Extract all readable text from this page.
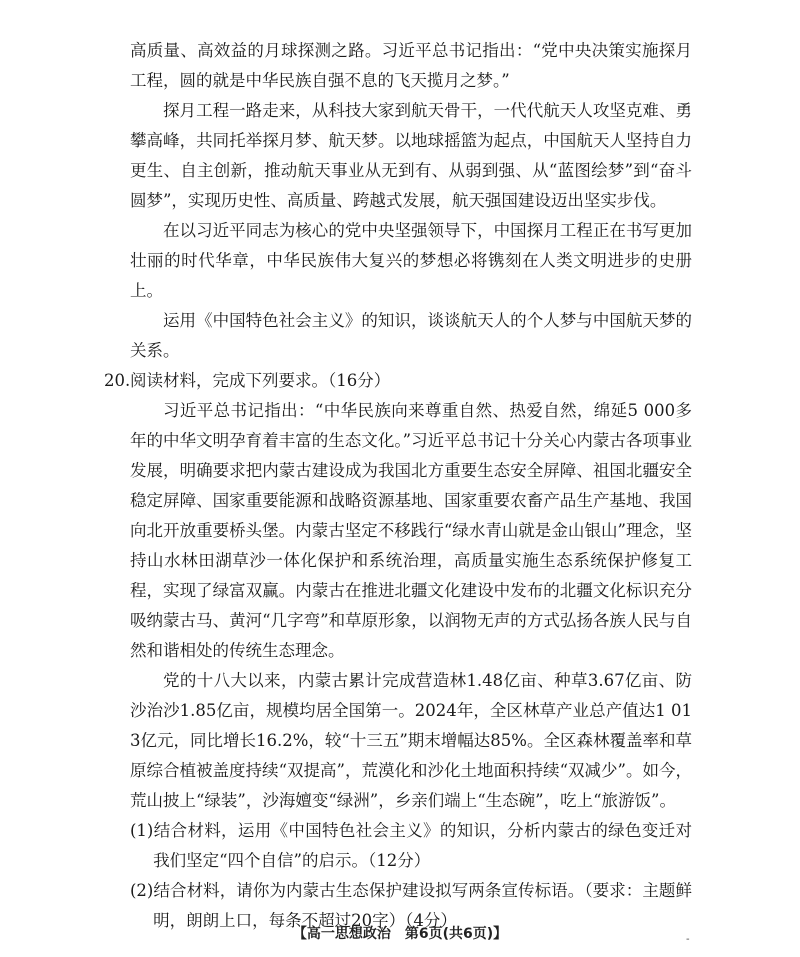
高质量、高效益的月球探测之路。习近平总书记指出：“党中央决策实施探月工程，圆的就是中华民族自强不息的飞天揽月之梦。”

探月工程一路走来，从科技大家到航天骨干，一代代航天人攻坚克难、勇攀高峰，共同托举探月梦、航天梦。以地球摇篮为起点，中国航天人坚持自力更生、自主创新，推动航天事业从无到有、从弱到强、从“蓝图绘梦”到“奋斗圆梦”，实现历史性、高质量、跨越式发展，航天强国建设迈出坚实步伐。

在以习近平同志为核心的党中央坚强领导下，中国探月工程正在书写更加壮丽的时代华章，中华民族伟大复兴的梦想必将镌刻在人类文明进步的史册上。

运用《中国特色社会主义》的知识，谈谈航天人的个人梦与中国航天梦的关系。

20. 阅读材料，完成下列要求。（16分）

习近平总书记指出：“中华民族向来尊重自然、热爱自然，绵延5 000多年的中华文明孕育着丰富的生态文化。”习近平总书记十分关心内蒙古各项事业发展，明确要求把内蒙古建设成为我国北方重要生态安全屏障、祖国北疆安全稳定屏障、国家重要能源和战略资源基地、国家重要农畜产品生产基地、我国向北开放重要桥头堡。内蒙古坚定不移践行“绿水青山就是金山银山”理念，坚持山水林田湖草沙一体化保护和系统治理，高质量实施生态系统保护修复工程，实现了绿富双赢。内蒙古在推进北疆文化建设中发布的北疆文化标识充分吸纳蒙古马、黄河“几字弯”和草原形象，以润物无声的方式弘扬各族人民与自然和谐相处的传统生态理念。

党的十八大以来，内蒙古累计完成营造林1.48亿亩、种草3.67亿亩、防沙治沙1.85亿亩，规模均居全国第一。2024年，全区林草产业总产值达1 013亿元，同比增长16.2%，较“十三五”期末增幅达85%。全区森林覆盖率和草原综合植被盖度持续“双提高”，荒漠化和沙化土地面积持续“双减少”。如今，荒山披上“绿装”，沙海嬗变“绿洲”，乡亲们端上“生态碗”，吃上“旅游饭”。

(1)结合材料，运用《中国特色社会主义》的知识，分析内蒙古的绿色变迁对我们坚定“四个自信”的启示。（12分）

(2)结合材料，请你为内蒙古生态保护建设拟写两条宣传标语。（要求：主题鲜明，朗朗上口，每条不超过20字）（4分）

【高一思想政治　第6页(共6页)】	-
